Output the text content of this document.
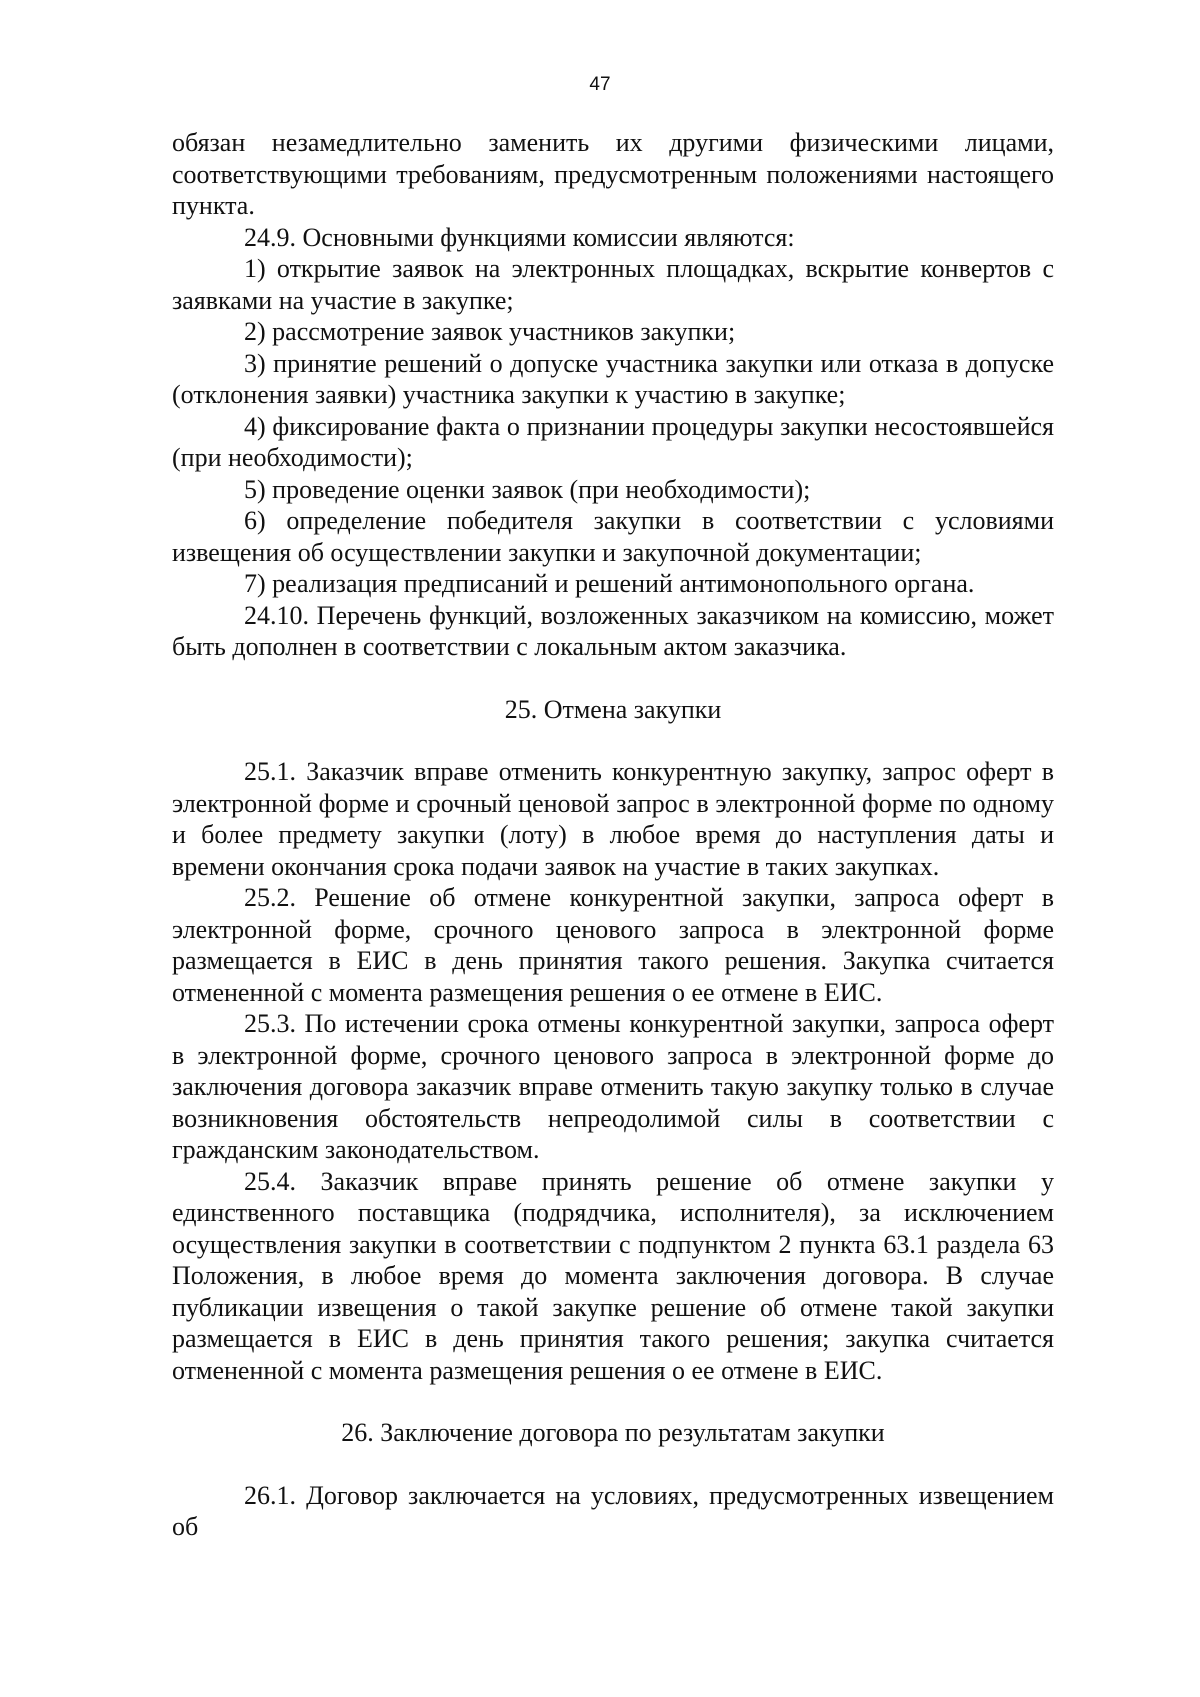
47
обязан незамедлительно заменить их другими физическими лицами,
соответствующими требованиям, предусмотренным положениями настоящего
пункта.

24.9. Основными функциями комиссии являются:

1) открытие заявок на электронных площадках, вскрытие конвертов с заявками на участие в закупке;

2) рассмотрение заявок участников закупки;

3) принятие решений о допуске участника закупки или отказа в допуске (отклонения заявки) участника закупки к участию в закупке;

4) фиксирование факта о признании процедуры закупки несостоявшейся (при необходимости);

5) проведение оценки заявок (при необходимости);

6) определение победителя закупки в соответствии с условиями извещения об осуществлении закупки и закупочной документации;

7) реализация предписаний и решений антимонопольного органа.

24.10. Перечень функций, возложенных заказчиком на комиссию, может быть дополнен в соответствии с локальным актом заказчика.

25. Отмена закупки

25.1. Заказчик вправе отменить конкурентную закупку, запрос оферт в электронной форме и срочный ценовой запрос в электронной форме по одному и более предмету закупки (лоту) в любое время до наступления даты и времени окончания срока подачи заявок на участие в таких закупках.

25.2. Решение об отмене конкурентной закупки, запроса оферт в электронной форме, срочного ценового запроса в электронной форме размещается в ЕИС в день принятия такого решения. Закупка считается отмененной с момента размещения решения о ее отмене в ЕИС.

25.3. По истечении срока отмены конкурентной закупки, запроса оферт в электронной форме, срочного ценового запроса в электронной форме до заключения договора заказчик вправе отменить такую закупку только в случае возникновения обстоятельств непреодолимой силы в соответствии с гражданским законодательством.

25.4. Заказчик вправе принять решение об отмене закупки у единственного поставщика (подрядчика, исполнителя), за исключением осуществления закупки в соответствии с подпунктом 2 пункта 63.1 раздела 63 Положения, в любое время до момента заключения договора. В случае публикации извещения о такой закупке решение об отмене такой закупки размещается в ЕИС в день принятия такого решения; закупка считается отмененной с момента размещения решения о ее отмене в ЕИС.

26. Заключение договора по результатам закупки

26.1. Договор заключается на условиях, предусмотренных извещением об
